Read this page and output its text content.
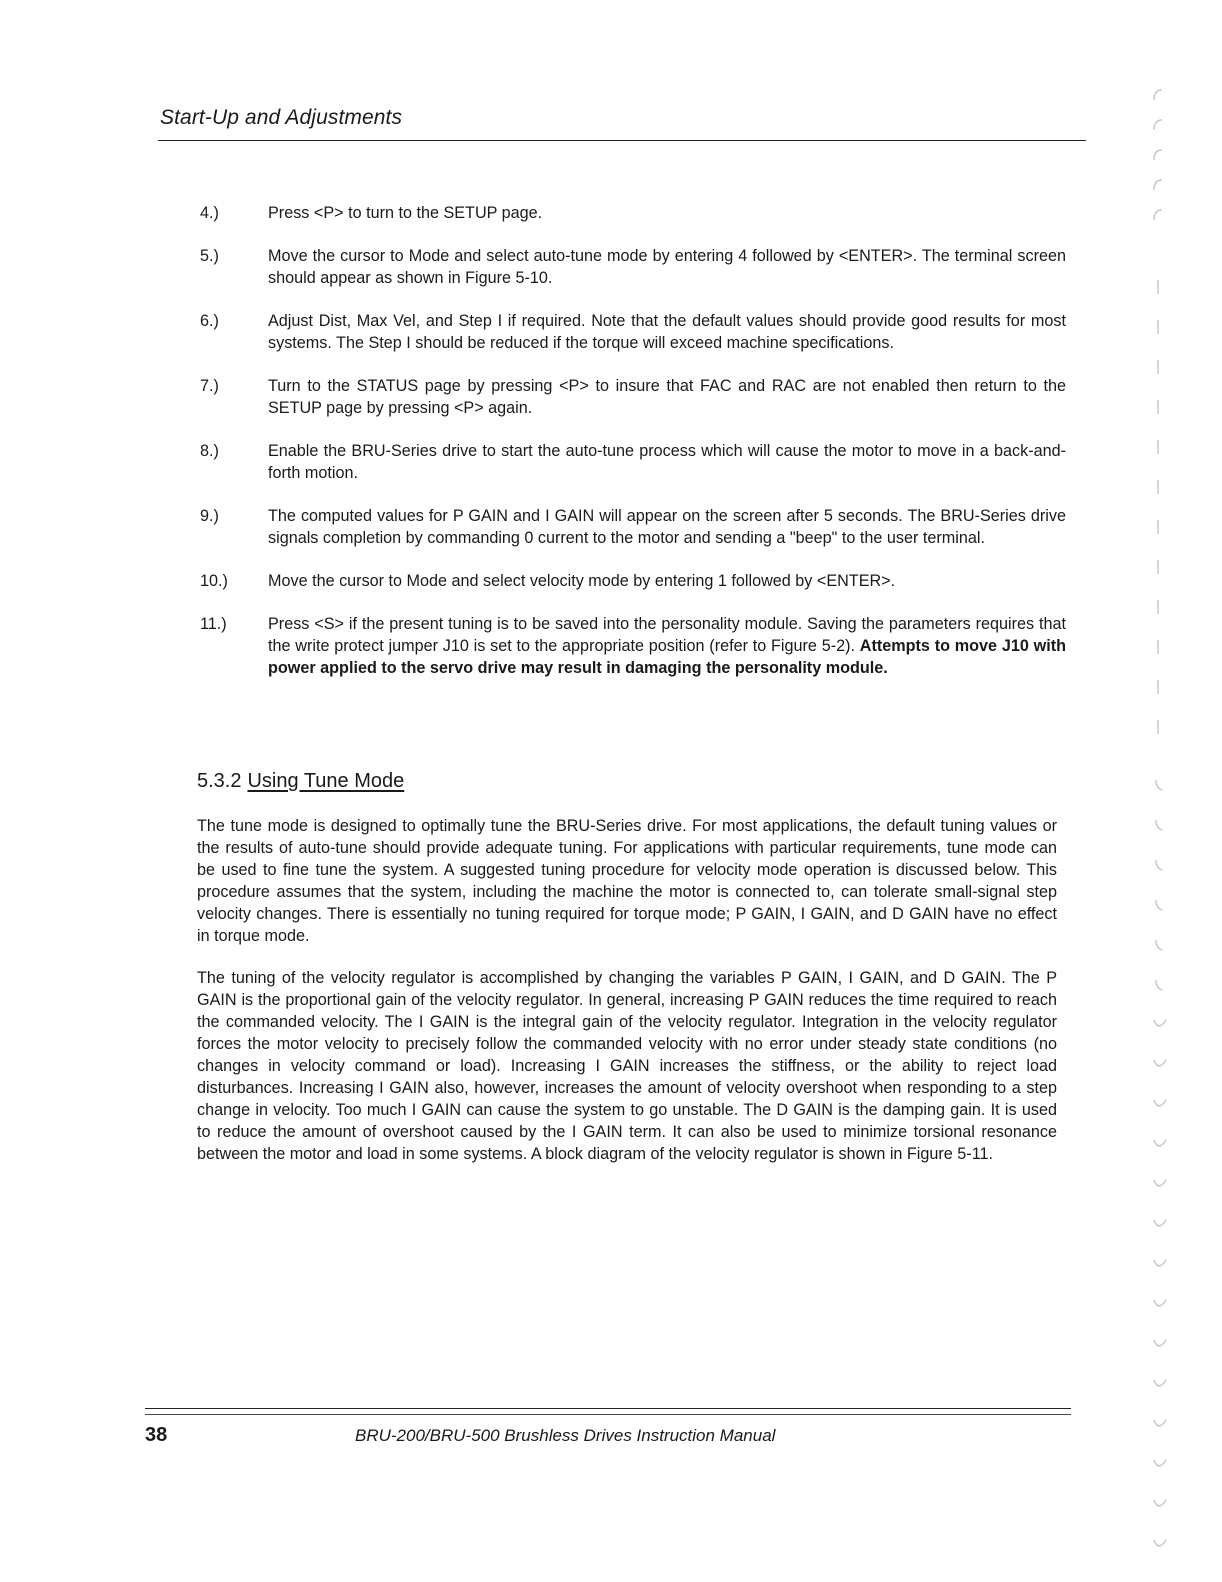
Start-Up and Adjustments
4.)	Press <P> to turn to the SETUP page.
5.)	Move the cursor to Mode and select auto-tune mode by entering 4 followed by <ENTER>. The terminal screen should appear as shown in Figure 5-10.
6.)	Adjust Dist, Max Vel, and Step I if required. Note that the default values should provide good results for most systems. The Step I should be reduced if the torque will exceed machine specifications.
7.)	Turn to the STATUS page by pressing <P> to insure that FAC and RAC are not enabled then return to the SETUP page by pressing <P> again.
8.)	Enable the BRU-Series drive to start the auto-tune process which will cause the motor to move in a back-and-forth motion.
9.)	The computed values for P GAIN and I GAIN will appear on the screen after 5 seconds. The BRU-Series drive signals completion by commanding 0 current to the motor and sending a "beep" to the user terminal.
10.)	Move the cursor to Mode and select velocity mode by entering 1 followed by <ENTER>.
11.)	Press <S> if the present tuning is to be saved into the personality module. Saving the parameters requires that the write protect jumper J10 is set to the appropriate position (refer to Figure 5-2). Attempts to move J10 with power applied to the servo drive may result in damaging the personality module.
5.3.2 Using Tune Mode
The tune mode is designed to optimally tune the BRU-Series drive. For most applications, the default tuning values or the results of auto-tune should provide adequate tuning. For applications with particular requirements, tune mode can be used to fine tune the system. A suggested tuning procedure for velocity mode operation is discussed below. This procedure assumes that the system, including the machine the motor is connected to, can tolerate small-signal step velocity changes. There is essentially no tuning required for torque mode; P GAIN, I GAIN, and D GAIN have no effect in torque mode.
The tuning of the velocity regulator is accomplished by changing the variables P GAIN, I GAIN, and D GAIN. The P GAIN is the proportional gain of the velocity regulator. In general, increasing P GAIN reduces the time required to reach the commanded velocity. The I GAIN is the integral gain of the velocity regulator. Integration in the velocity regulator forces the motor velocity to precisely follow the commanded velocity with no error under steady state conditions (no changes in velocity command or load). Increasing I GAIN increases the stiffness, or the ability to reject load disturbances. Increasing I GAIN also, however, increases the amount of velocity overshoot when responding to a step change in velocity. Too much I GAIN can cause the system to go unstable. The D GAIN is the damping gain. It is used to reduce the amount of overshoot caused by the I GAIN term. It can also be used to minimize torsional resonance between the motor and load in some systems. A block diagram of the velocity regulator is shown in Figure 5-11.
38	BRU-200/BRU-500 Brushless Drives Instruction Manual
